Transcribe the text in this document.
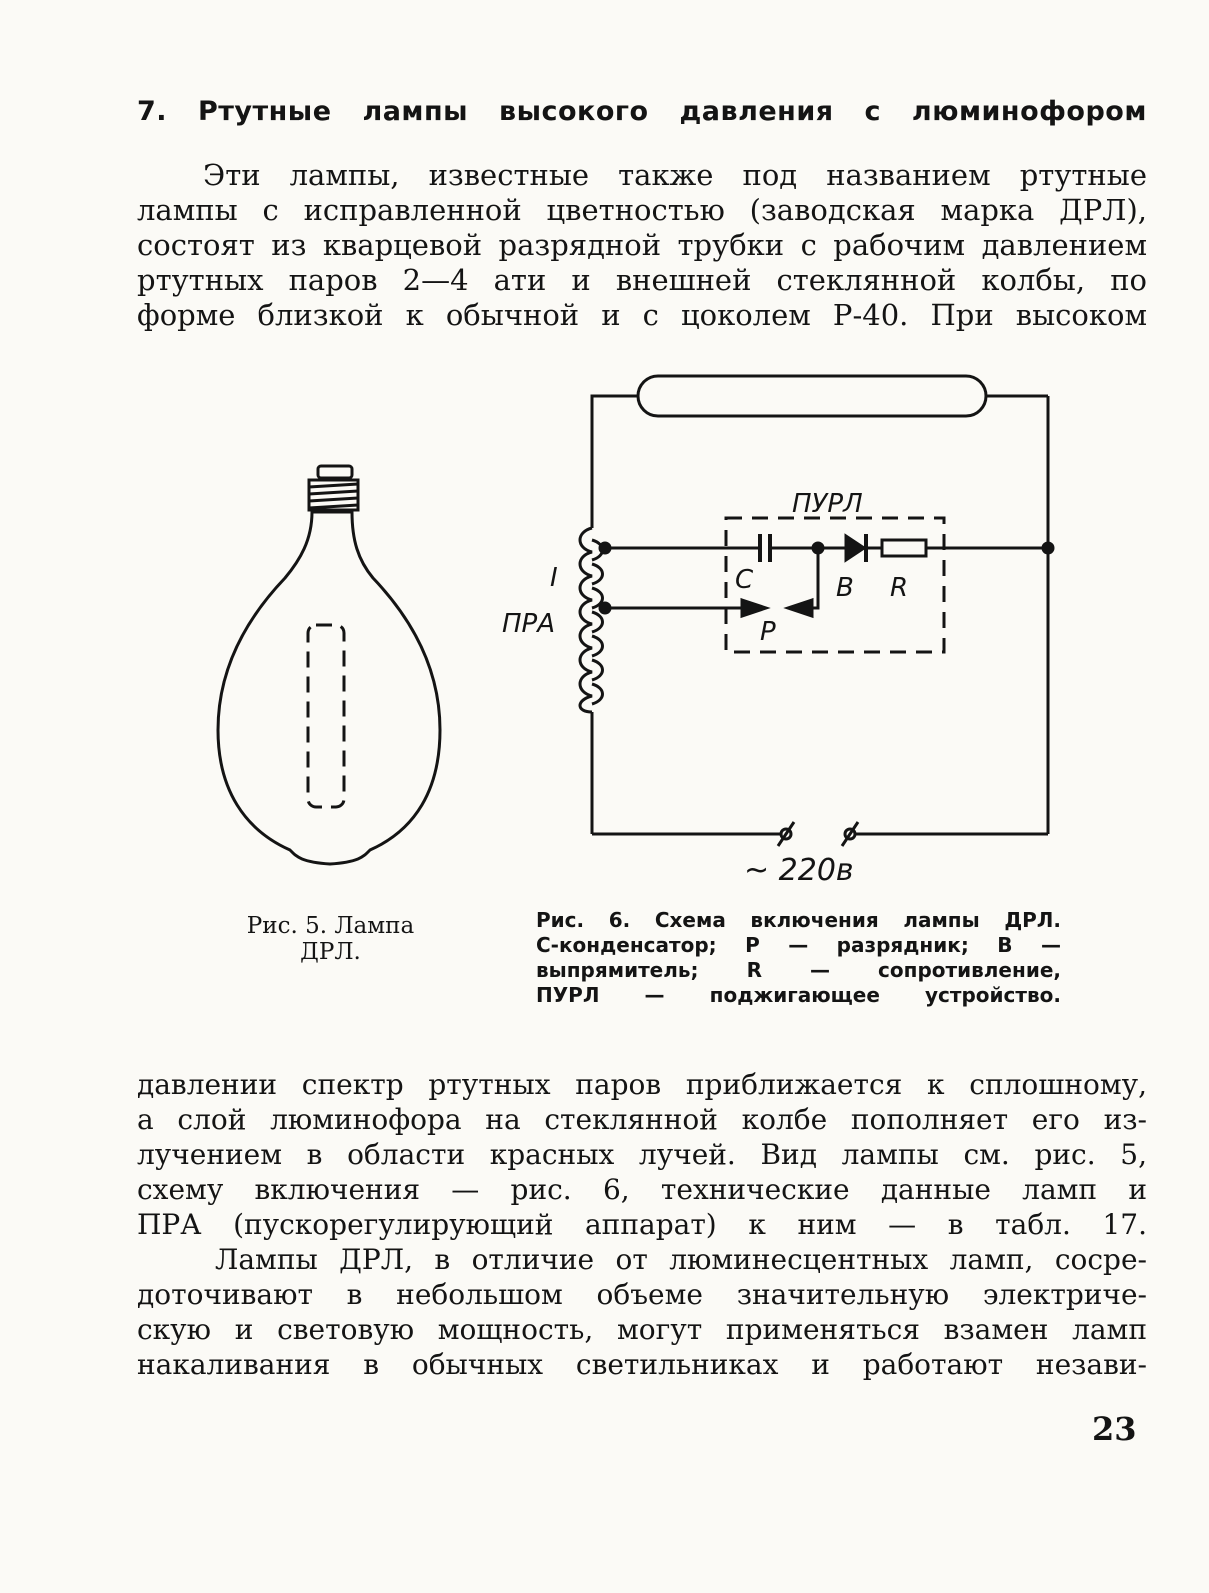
7. Ртутные лампы высокого давления с люминофором
Эти лампы, известные также под названием ртутные
лампы с исправленной цветностью (заводская марка ДРЛ),
состоят из кварцевой разрядной трубки с рабочим давлением
ртутных паров 2—4 ати и внешней стеклянной колбы, по
форме близкой к обычной и с цоколем Р-40. При высоком
ПУРЛ
ПРА
I	C	B R
P
~ 220в
Рис. 5. Лампа ДРЛ.
Рис. 6. Схема включения лампы ДРЛ.
С-конденсатор; Р — разрядник; В —
выпрямитель; R — сопротивление,
ПУРЛ — поджигающее устройство.
давлении спектр ртутных паров приближается к сплошному,
а слой люминофора на стеклянной колбе пополняет его из-
лучением в области красных лучей. Вид лампы см. рис. 5,
схему включения — рис. 6, технические данные ламп и
ПРА (пускорегулирующий аппарат) к ним — в табл. 17.
Лампы ДРЛ, в отличие от люминесцентных ламп, сосре-
доточивают в небольшом объеме значительную электриче-
скую и световую мощность, могут применяться взамен ламп
накаливания в обычных светильниках и работают незави-
23
